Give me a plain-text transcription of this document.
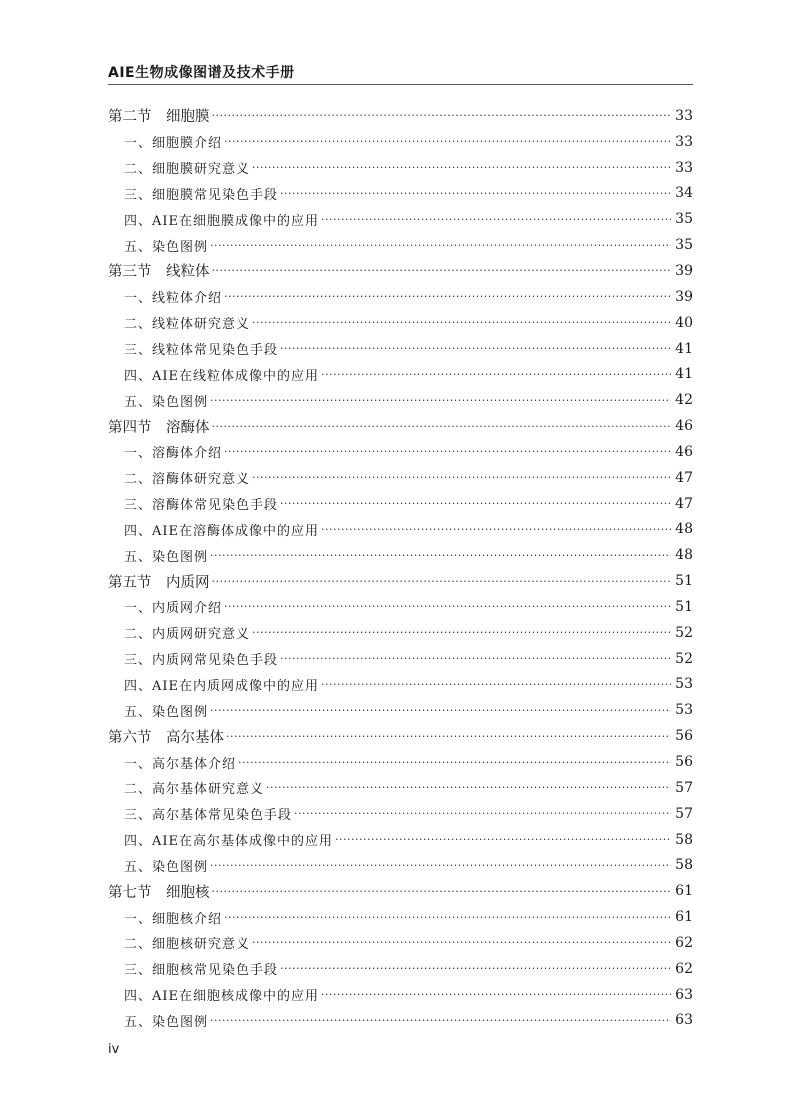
AIE生物成像图谱及技术手册
第二节　细胞膜 ·····	33
一、细胞膜介绍 ·····	33
二、细胞膜研究意义 ·····	33
三、细胞膜常见染色手段 ·····	34
四、AIE在细胞膜成像中的应用 ·····	35
五、染色图例 ·····	35
第三节　线粒体 ·····	39
一、线粒体介绍 ·····	39
二、线粒体研究意义 ·····	40
三、线粒体常见染色手段 ·····	41
四、AIE在线粒体成像中的应用 ·····	41
五、染色图例 ·····	42
第四节　溶酶体 ·····	46
一、溶酶体介绍 ·····	46
二、溶酶体研究意义 ·····	47
三、溶酶体常见染色手段 ·····	47
四、AIE在溶酶体成像中的应用 ·····	48
五、染色图例 ·····	48
第五节　内质网 ·····	51
一、内质网介绍 ·····	51
二、内质网研究意义 ·····	52
三、内质网常见染色手段 ·····	52
四、AIE在内质网成像中的应用 ·····	53
五、染色图例 ·····	53
第六节　高尔基体 ·····	56
一、高尔基体介绍 ·····	56
二、高尔基体研究意义 ·····	57
三、高尔基体常见染色手段 ·····	57
四、AIE在高尔基体成像中的应用 ·····	58
五、染色图例 ·····	58
第七节　细胞核 ·····	61
一、细胞核介绍 ·····	61
二、细胞核研究意义 ·····	62
三、细胞核常见染色手段 ·····	62
四、AIE在细胞核成像中的应用 ·····	63
五、染色图例 ·····	63
iv
